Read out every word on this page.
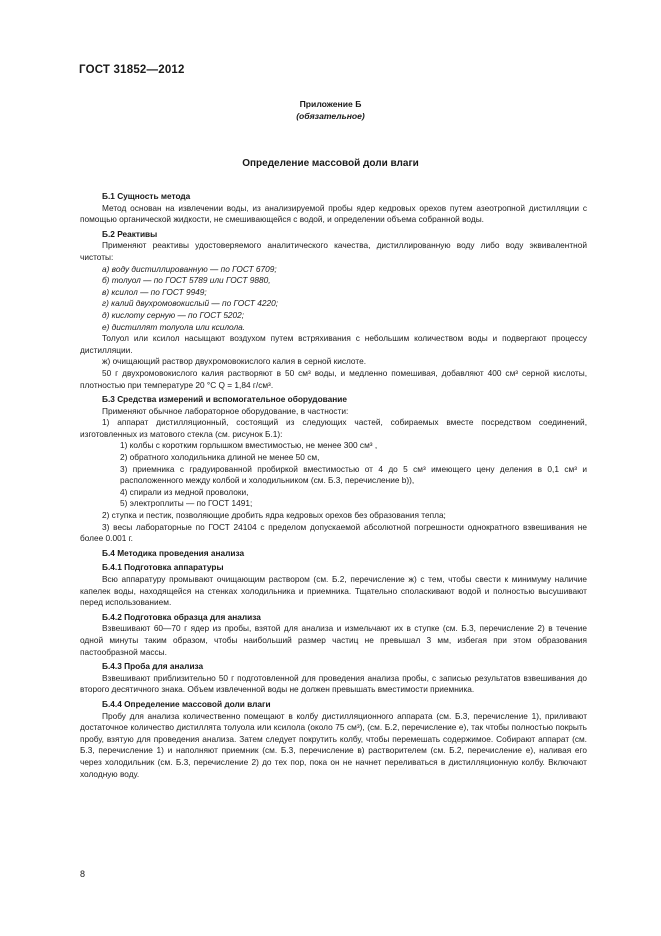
ГОСТ 31852—2012
Приложение Б
(обязательное)
Определение массовой доли влаги

Б.1 Сущность метода

Метод основан на извлечении воды, из анализируемой пробы ядер кедровых орехов путем азеотропной дистилляции с помощью органической жидкости, не смешивающейся с водой, и определении объема собранной воды.

Б.2 Реактивы

Применяют реактивы удостоверяемого аналитического качества, дистиллированную воду либо воду эквивалентной чистоты:

а) воду дистиллированную — по ГОСТ 6709;

б) толуол — по ГОСТ 5789 или ГОСТ 9880,

в) ксилол — по ГОСТ 9949;

г) калий двухромовокислый — по ГОСТ 4220;

д) кислоту серную — по ГОСТ 5202;

е) дистиллят толуола или ксилола.

Толуол или ксилол насыщают воздухом путем встряхивания с небольшим количеством воды и подвергают процессу дистилляции.

ж) очищающий раствор двухромовокислого калия в серной кислоте.

50 г двухромовокислого калия растворяют в 50 см³ воды, и медленно помешивая, добавляют 400 см³ серной кислоты, плотностью при температуре 20 °С Q = 1,84 г/см³.

Б.3 Средства измерений и вспомогательное оборудование

Применяют обычное лабораторное оборудование, в частности:

1) аппарат дистилляционный, состоящий из следующих частей, собираемых вместе посредством соединений, изготовленных из матового стекла (см. рисунок Б.1):

1) колбы с коротким горлышком вместимостью, не менее 300 см³ ,

2) обратного холодильника длиной не менее 50 см,

3) приемника с градуированной пробиркой вместимостью от 4 до 5 см³ имеющего цену деления в 0,1 см³ и расположенного между колбой и холодильником (см. Б.3, перечисление b)),

4) спирали из медной проволоки,

5) электроплиты — по ГОСТ 1491;

2) ступка и пестик, позволяющие дробить ядра кедровых орехов без образования тепла;

3) весы лабораторные по ГОСТ 24104 с пределом допускаемой абсолютной погрешности однократного взвешивания не более 0.001 г.

Б.4 Методика проведения анализа

Б.4.1 Подготовка аппаратуры

Всю аппаратуру промывают очищающим раствором (см. Б.2, перечисление ж) с тем, чтобы свести к минимуму наличие капелек воды, находящейся на стенках холодильника и приемника. Тщательно споласкивают водой и полностью высушивают перед использованием.

Б.4.2 Подготовка образца для анализа

Взвешивают 60—70 г ядер из пробы, взятой для анализа и измельчают их в ступке (см. Б.3, перечисление 2) в течение одной минуты таким образом, чтобы наибольший размер частиц не превышал 3 мм, избегая при этом образования пастообразной массы.

Б.4.3 Проба для анализа

Взвешивают приблизительно 50 г подготовленной для проведения анализа пробы, с записью результатов взвешивания до второго десятичного знака. Объем извлеченной воды не должен превышать вместимости приемника.

Б.4.4 Определение массовой доли влаги

Пробу для анализа количественно помещают в колбу дистилляционного аппарата (см. Б.3, перечисление 1), приливают достаточное количество дистиллята толуола или ксилола (около 75 см³), (см. Б.2, перечисление е), так чтобы полностью покрыть пробу, взятую для проведения анализа. Затем следует покрутить колбу, чтобы перемешать содержимое. Собирают аппарат (см. Б.3, перечисление 1) и наполняют приемник (см. Б.3, перечисление в) растворителем (см. Б.2, перечисление е), наливая его через холодильник (см. Б.3, перечисление 2) до тех пор, пока он не начнет переливаться в дистилляционную колбу. Включают холодную воду.

8
